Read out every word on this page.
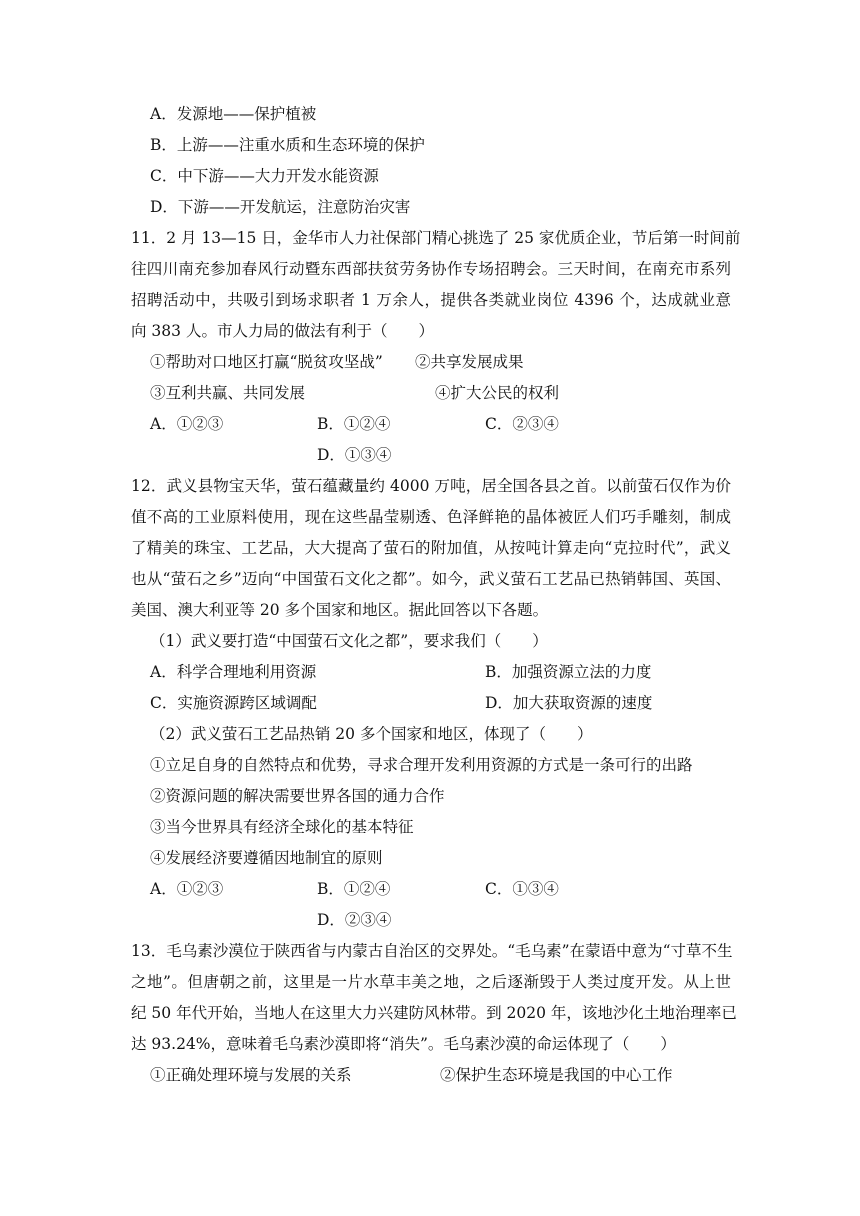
A．发源地——保护植被
B．上游——注重水质和生态环境的保护
C．中下游——大力开发水能资源
D．下游——开发航运，注意防治灾害
11．2 月 13—15 日，金华市人力社保部门精心挑选了 25 家优质企业，节后第一时间前
往四川南充参加春风行动暨东西部扶贫劳务协作专场招聘会。三天时间，在南充市系列
招聘活动中，共吸引到场求职者 1 万余人，提供各类就业岗位 4396 个，达成就业意
向 383 人。市人力局的做法有利于（　　）
①帮助对口地区打赢“脱贫攻坚战” ②共享发展成果
③互利共赢、共同发展	④扩大公民的权利
A．①②③	B．①②④	C．②③④
D．①③④
12．武义县物宝天华，萤石蕴藏量约 4000 万吨，居全国各县之首。以前萤石仅作为价
值不高的工业原料使用，现在这些晶莹剔透、色泽鲜艳的晶体被匠人们巧手雕刻，制成
了精美的珠宝、工艺品，大大提高了萤石的附加值，从按吨计算走向“克拉时代”，武义
也从“萤石之乡”迈向“中国萤石文化之都”。如今，武义萤石工艺品已热销韩国、英国、
美国、澳大利亚等 20 多个国家和地区。据此回答以下各题。
（1）武义要打造“中国萤石文化之都”，要求我们（　　）
A．科学合理地利用资源	B．加强资源立法的力度
C．实施资源跨区域调配	D．加大获取资源的速度
（2）武义萤石工艺品热销 20 多个国家和地区，体现了（　　）
①立足自身的自然特点和优势，寻求合理开发利用资源的方式是一条可行的出路
②资源问题的解决需要世界各国的通力合作
③当今世界具有经济全球化的基本特征
④发展经济要遵循因地制宜的原则
A．①②③	B．①②④	C．①③④
D．②③④
13．毛乌素沙漠位于陕西省与内蒙古自治区的交界处。“毛乌素”在蒙语中意为“寸草不生
之地”。但唐朝之前，这里是一片水草丰美之地，之后逐渐毁于人类过度开发。从上世
纪 50 年代开始，当地人在这里大力兴建防风林带。到 2020 年，该地沙化土地治理率已
达 93.24%，意味着毛乌素沙漠即将“消失”。毛乌素沙漠的命运体现了（　　）
①正确处理环境与发展的关系	②保护生态环境是我国的中心工作
